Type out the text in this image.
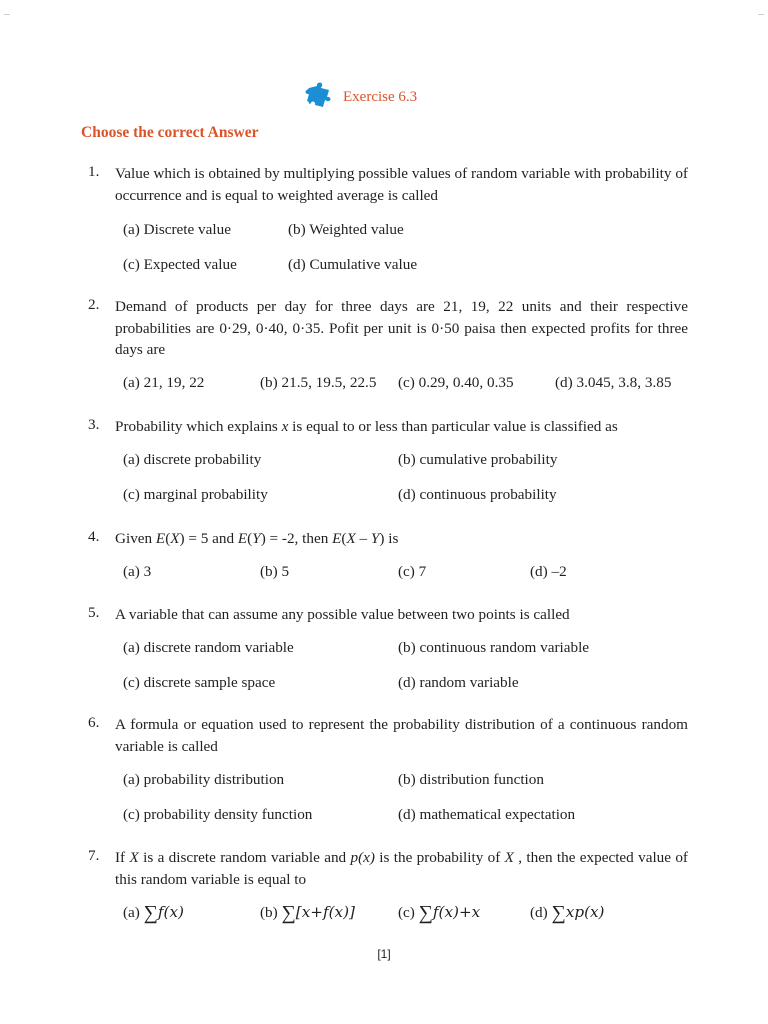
Exercise 6.3
Choose the correct Answer
1.	Value which is obtained by multiplying possible values of random variable with probability of occurrence and is equal to weighted average is called
(a) Discrete value	(b) Weighted value
(c) Expected value	(d) Cumulative value
2.	Demand of products per day for three days are 21, 19, 22 units and their respective probabilities are 0·29, 0·40, 0·35. Pofit per unit is 0·50 paisa then expected profits for three days are
(a) 21, 19, 22	(b) 21.5, 19.5, 22.5 (c) 0.29, 0.40, 0.35	(d) 3.045, 3.8, 3.85
3.	Probability which explains x is equal to or less than particular value is classified as
(a) discrete probability	(b) cumulative probability
(c) marginal probability	(d) continuous probability
4.	Given E(X) = 5 and E(Y) = -2, then E(X – Y) is
(a) 3	(b) 5	(c) 7	(d) –2
5.	A variable that can assume any possible value between two points is called
(a) discrete random variable	(b) continuous random variable
(c) discrete sample space	(d) random variable
6.	A formula or equation used to represent the probability distribution of a continuous random variable is called
(a) probability distribution	(b) distribution function
(c) probability density function	(d) mathematical expectation
7.	If X is a discrete random variable and p(x) is the probability of X , then the expected value of this random variable is equal to
(a) ∑f(x)	(b) ∑[x+f(x)]	(c) ∑f(x)+x	(d) ∑xp(x)
[1]
